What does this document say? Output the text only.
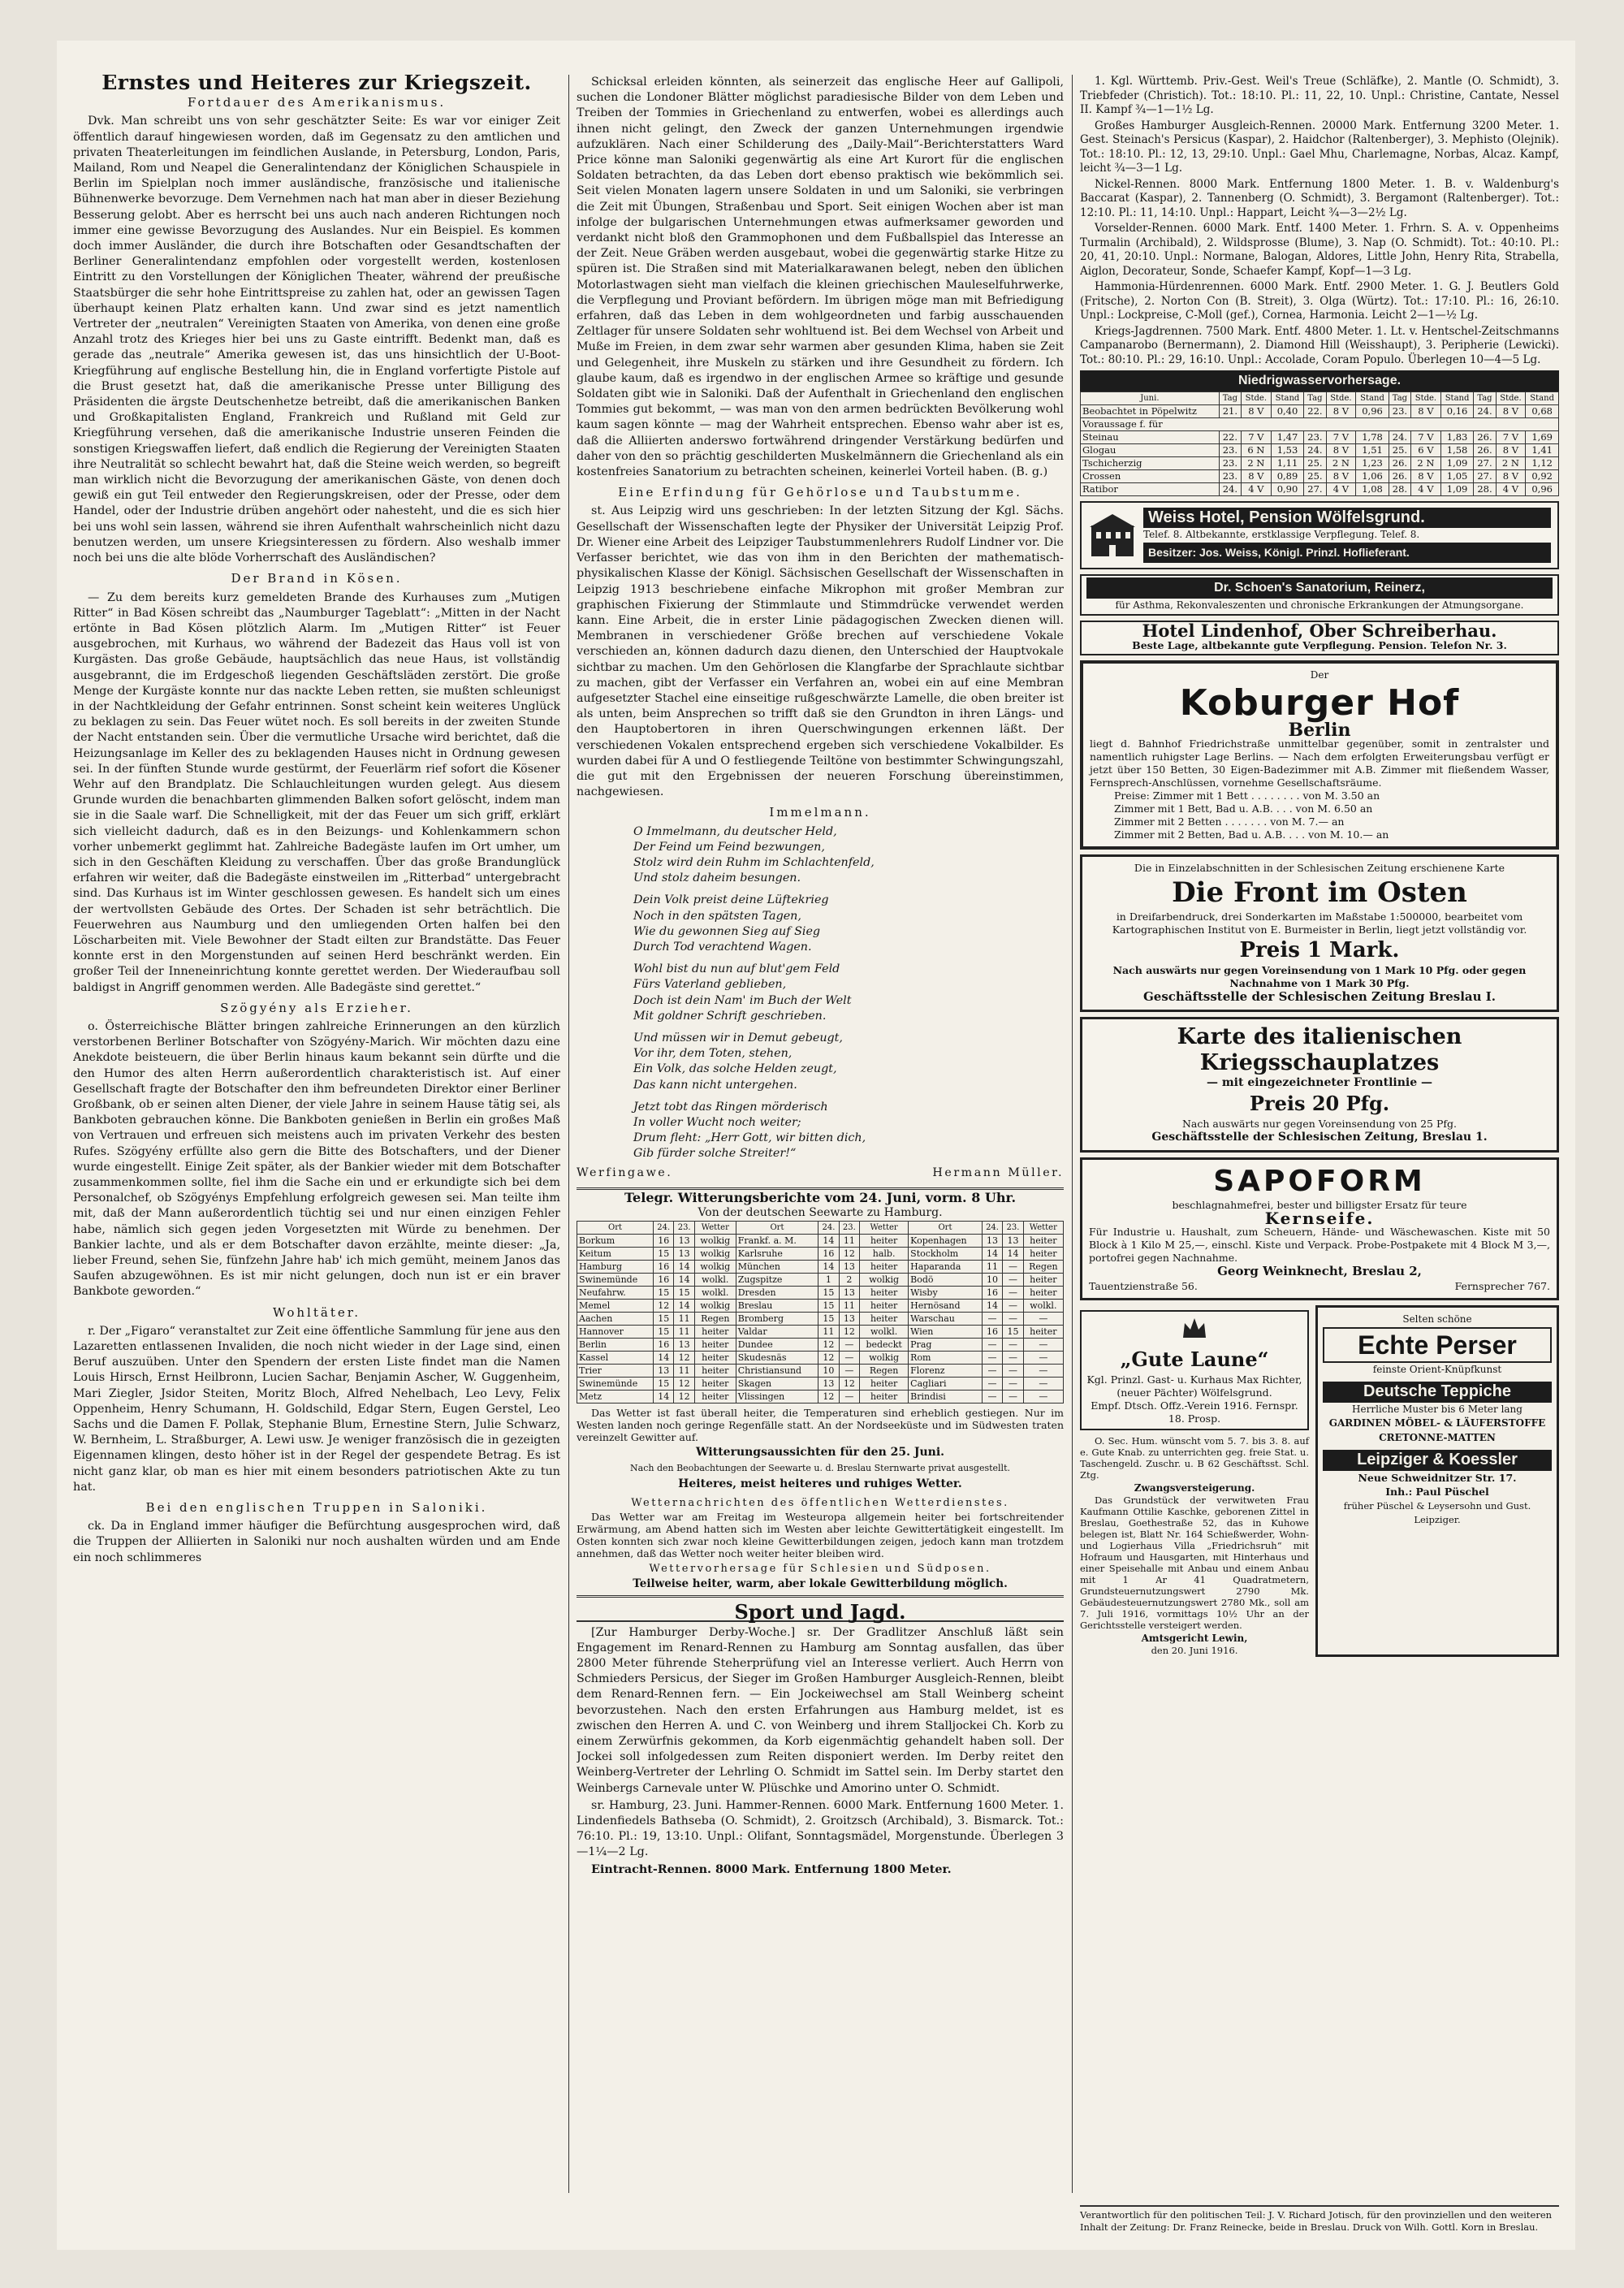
Ernstes und Heiteres zur Kriegszeit.
Fortdauer des Amerikanismus.

Dvk. Man schreibt uns von sehr geschätzter Seite: Es war vor einiger Zeit öffentlich darauf hingewiesen worden, daß im Gegensatz zu den amtlichen und privaten Theaterleitungen im feindlichen Auslande, in Petersburg, London, Paris, Mailand, Rom und Neapel die Generalintendanz der Königlichen Schauspiele in Berlin im Spielplan noch immer ausländische, französische und italienische Bühnenwerke bevorzuge. Dem Vernehmen nach hat man aber in dieser Beziehung Besserung gelobt. Aber es herrscht bei uns auch nach anderen Richtungen noch immer eine gewisse Bevorzugung des Auslandes. Nur ein Beispiel. Es kommen doch immer Ausländer, die durch ihre Botschaften oder Gesandtschaften der Berliner Generalintendanz empfohlen oder vorgestellt werden, kostenlosen Eintritt zu den Vorstellungen der Königlichen Theater, während der preußische Staatsbürger die sehr hohe Eintrittspreise zu zahlen hat, oder an gewissen Tagen überhaupt keinen Platz erhalten kann. Und zwar sind es jetzt namentlich Vertreter der „neutralen“ Vereinigten Staaten von Amerika, von denen eine große Anzahl trotz des Krieges hier bei uns zu Gaste eintrifft. Bedenkt man, daß es gerade das „neutrale“ Amerika gewesen ist, das uns hinsichtlich der U-Boot-Kriegführung auf englische Bestellung hin, die in England vorfertigte Pistole auf die Brust gesetzt hat, daß die amerikanische Presse unter Billigung des Präsidenten die ärgste Deutschenhetze betreibt, daß die amerikanischen Banken und Großkapitalisten England, Frankreich und Rußland mit Geld zur Kriegführung versehen, daß die amerikanische Industrie unseren Feinden die sonstigen Kriegswaffen liefert, daß endlich die Regierung der Vereinigten Staaten ihre Neutralität so schlecht bewahrt hat, daß die Steine weich werden, so begreift man wirklich nicht die Bevorzugung der amerikanischen Gäste, von denen doch gewiß ein gut Teil entweder den Regierungskreisen, oder der Presse, oder dem Handel, oder der Industrie drüben angehört oder nahesteht, und die es sich hier bei uns wohl sein lassen, während sie ihren Aufenthalt wahrscheinlich nicht dazu benutzen werden, um unsere Kriegsinteressen zu fördern. Also weshalb immer noch bei uns die alte blöde Vorherrschaft des Ausländischen?

Der Brand in Kösen.

— Zu dem bereits kurz gemeldeten Brande des Kurhauses zum „Mutigen Ritter“ in Bad Kösen schreibt das „Naumburger Tageblatt“: „Mitten in der Nacht ertönte in Bad Kösen plötzlich Alarm. Im „Mutigen Ritter“ ist Feuer ausgebrochen, mit Kurhaus, wo während der Badezeit das Haus voll ist von Kurgästen. Das große Gebäude, hauptsächlich das neue Haus, ist vollständig ausgebrannt, die im Erdgeschoß liegenden Geschäftsläden zerstört. Die große Menge der Kurgäste konnte nur das nackte Leben retten, sie mußten schleunigst in der Nachtkleidung der Gefahr entrinnen. Sonst scheint kein weiteres Unglück zu beklagen zu sein. Das Feuer wütet noch. Es soll bereits in der zweiten Stunde der Nacht entstanden sein. Über die vermutliche Ursache wird berichtet, daß die Heizungsanlage im Keller des zu beklagenden Hauses nicht in Ordnung gewesen sei. In der fünften Stunde wurde gestürmt, der Feuerlärm rief sofort die Kösener Wehr auf den Brandplatz. Die Schlauchleitungen wurden gelegt. Aus diesem Grunde wurden die benachbarten glimmenden Balken sofort gelöscht, indem man sie in die Saale warf. Die Schnelligkeit, mit der das Feuer um sich griff, erklärt sich vielleicht dadurch, daß es in den Beizungs- und Kohlenkammern schon vorher unbemerkt geglimmt hat. Zahlreiche Badegäste laufen im Ort umher, um sich in den Geschäften Kleidung zu verschaffen. Über das große Brandunglück erfahren wir weiter, daß die Badegäste einstweilen im „Ritterbad“ untergebracht sind. Das Kurhaus ist im Winter geschlossen gewesen. Es handelt sich um eines der wertvollsten Gebäude des Ortes. Der Schaden ist sehr beträchtlich. Die Feuerwehren aus Naumburg und den umliegenden Orten halfen bei den Löscharbeiten mit. Viele Bewohner der Stadt eilten zur Brandstätte. Das Feuer konnte erst in den Morgenstunden auf seinen Herd beschränkt werden. Ein großer Teil der Inneneinrichtung konnte gerettet werden. Der Wiederaufbau soll baldigst in Angriff genommen werden. Alle Badegäste sind gerettet.“

Szögyény als Erzieher.

o. Österreichische Blätter bringen zahlreiche Erinnerungen an den kürzlich verstorbenen Berliner Botschafter von Szögyény-Marich. Wir möchten dazu eine Anekdote beisteuern, die über Berlin hinaus kaum bekannt sein dürfte und die den Humor des alten Herrn außerordentlich charakteristisch ist. Auf einer Gesellschaft fragte der Botschafter den ihm befreundeten Direktor einer Berliner Großbank, ob er seinen alten Diener, der viele Jahre in seinem Hause tätig sei, als Bankboten gebrauchen könne. Die Bankboten genießen in Berlin ein großes Maß von Vertrauen und erfreuen sich meistens auch im privaten Verkehr des besten Rufes. Szögyény erfüllte also gern die Bitte des Botschafters, und der Diener wurde eingestellt. Einige Zeit später, als der Bankier wieder mit dem Botschafter zusammenkommen sollte, fiel ihm die Sache ein und er erkundigte sich bei dem Personalchef, ob Szögyénys Empfehlung erfolgreich gewesen sei. Man teilte ihm mit, daß der Mann außerordentlich tüchtig sei und nur einen einzigen Fehler habe, nämlich sich gegen jeden Vorgesetzten mit Würde zu benehmen. Der Bankier lachte, und als er dem Botschafter davon erzählte, meinte dieser: „Ja, lieber Freund, sehen Sie, fünfzehn Jahre hab' ich mich gemüht, meinem Janos das Saufen abzugewöhnen. Es ist mir nicht gelungen, doch nun ist er ein braver Bankbote geworden.“

Wohltäter.

r. Der „Figaro“ veranstaltet zur Zeit eine öffentliche Sammlung für jene aus den Lazaretten entlassenen Invaliden, die noch nicht wieder in der Lage sind, einen Beruf auszuüben. Unter den Spendern der ersten Liste findet man die Namen Louis Hirsch, Ernst Heilbronn, Lucien Sachar, Benjamin Ascher, W. Guggenheim, Mari Ziegler, Jsidor Steiten, Moritz Bloch, Alfred Nehelbach, Leo Levy, Felix Oppenheim, Henry Schumann, H. Goldschild, Edgar Stern, Eugen Gerstel, Leo Sachs und die Damen F. Pollak, Stephanie Blum, Ernestine Stern, Julie Schwarz, W. Bernheim, L. Straßburger, A. Lewi usw. Je weniger französisch die in gezeigten Eigennamen klingen, desto höher ist in der Regel der gespendete Betrag. Es ist nicht ganz klar, ob man es hier mit einem besonders patriotischen Akte zu tun hat.

Bei den englischen Truppen in Saloniki.

ck. Da in England immer häufiger die Befürchtung ausgesprochen wird, daß die Truppen der Alliierten in Saloniki nur noch aushalten würden und am Ende ein noch schlimmeres

Schicksal erleiden könnten, als seinerzeit das englische Heer auf Gallipoli, suchen die Londoner Blätter möglichst paradiesische Bilder von dem Leben und Treiben der Tommies in Griechenland zu entwerfen, wobei es allerdings auch ihnen nicht gelingt, den Zweck der ganzen Unternehmungen irgendwie aufzuklären. Nach einer Schilderung des „Daily-Mail“-Berichterstatters Ward Price könne man Saloniki gegenwärtig als eine Art Kurort für die englischen Soldaten betrachten, da das Leben dort ebenso praktisch wie bekömmlich sei. Seit vielen Monaten lagern unsere Soldaten in und um Saloniki, sie verbringen die Zeit mit Übungen, Straßenbau und Sport. Seit einigen Wochen aber ist man infolge der bulgarischen Unternehmungen etwas aufmerksamer geworden und verdankt nicht bloß den Grammophonen und dem Fußballspiel das Interesse an der Zeit. Neue Gräben werden ausgebaut, wobei die gegenwärtig starke Hitze zu spüren ist. Die Straßen sind mit Materialkarawanen belegt, neben den üblichen Motorlastwagen sieht man vielfach die kleinen griechischen Mauleselfuhrwerke, die Verpflegung und Proviant befördern. Im übrigen möge man mit Befriedigung erfahren, daß das Leben in dem wohlgeordneten und farbig ausschauenden Zeltlager für unsere Soldaten sehr wohltuend ist. Bei dem Wechsel von Arbeit und Muße im Freien, in dem zwar sehr warmen aber gesunden Klima, haben sie Zeit und Gelegenheit, ihre Muskeln zu stärken und ihre Gesundheit zu fördern. Ich glaube kaum, daß es irgendwo in der englischen Armee so kräftige und gesunde Soldaten gibt wie in Saloniki. Daß der Aufenthalt in Griechenland den englischen Tommies gut bekommt, — was man von den armen bedrückten Bevölkerung wohl kaum sagen könnte — mag der Wahrheit entsprechen. Ebenso wahr aber ist es, daß die Alliierten anderswo fortwährend dringender Verstärkung bedürfen und daher von den so prächtig geschilderten Muskelmännern die Griechenland als ein kostenfreies Sanatorium zu betrachten scheinen, keinerlei Vorteil haben. (B. g.)

Eine Erfindung für Gehörlose und Taubstumme.

st. Aus Leipzig wird uns geschrieben: In der letzten Sitzung der Kgl. Sächs. Gesellschaft der Wissenschaften legte der Physiker der Universität Leipzig Prof. Dr. Wiener eine Arbeit des Leipziger Taubstummenlehrers Rudolf Lindner vor. Die Verfasser berichtet, wie das von ihm in den Berichten der mathematisch-physikalischen Klasse der Königl. Sächsischen Gesellschaft der Wissenschaften in Leipzig 1913 beschriebene einfache Mikrophon mit großer Membran zur graphischen Fixierung der Stimmlaute und Stimmdrücke verwendet werden kann. Eine Arbeit, die in erster Linie pädagogischen Zwecken dienen will. Membranen in verschiedener Größe brechen auf verschiedene Vokale verschieden an, können dadurch dazu dienen, den Unterschied der Hauptvokale sichtbar zu machen. Um den Gehörlosen die Klangfarbe der Sprachlaute sichtbar zu machen, gibt der Verfasser ein Verfahren an, wobei ein auf eine Membran aufgesetzter Stachel eine einseitige rußgeschwärzte Lamelle, die oben breiter ist als unten, beim Ansprechen so trifft daß sie den Grundton in ihren Längs- und den Hauptobertoren in ihren Querschwingungen erkennen läßt. Der verschiedenen Vokalen entsprechend ergeben sich verschiedene Vokalbilder. Es wurden dabei für A und O festliegende Teiltöne von bestimmter Schwingungszahl, die gut mit den Ergebnissen der neueren Forschung übereinstimmen, nachgewiesen.

Immelmann.
O Immelmann, du deutscher Held,
Der Feind um Feind bezwungen,
Stolz wird dein Ruhm im Schlachtenfeld,
Und stolz daheim besungen.
Dein Volk preist deine Lüftekrieg
Noch in den spätsten Tagen,
Wie du gewonnen Sieg auf Sieg
Durch Tod verachtend Wagen.
Wohl bist du nun auf blut'gem Feld
Fürs Vaterland geblieben,
Doch ist dein Nam' im Buch der Welt
Mit goldner Schrift geschrieben.
Und müssen wir in Demut gebeugt,
Vor ihr, dem Toten, stehen,
Ein Volk, das solche Helden zeugt,
Das kann nicht untergehen.
Jetzt tobt das Ringen mörderisch
In voller Wucht noch weiter;
Drum fleht: „Herr Gott, wir bitten dich,
Gib fürder solche Streiter!“
Werfingawe.	Hermann Müller.
Telegr. Witterungsberichte vom 24. Juni, vorm. 8 Uhr.
Von der deutschen Seewarte zu Hamburg.
Ort	24.	23.	Wetter	Ort	24.	23.	Wetter	Ort	24.	23.	Wetter
Borkum	16	13	wolkig	Frankf. a. M.	14	11	heiter	Kopenhagen	13	13	heiter
Keitum	15	13	wolkig	Karlsruhe	16	12	halb.	Stockholm	14	14	heiter
Hamburg	16	14	wolkig	München	14	13	heiter	Haparanda	11	—	Regen
Swinemünde	16	14	wolkl.	Zugspitze	1	2	wolkig	Bodö	10	—	heiter
Neufahrw.	15	15	wolkl.	Dresden	15	13	heiter	Wisby	16	—	heiter
Memel	12	14	wolkig	Breslau	15	11	heiter	Hernösand	14	—	wolkl.
Aachen	15	11	Regen	Bromberg	15	13	heiter	Warschau	—	—	—
Hannover	15	11	heiter	Valdar	11	12	wolkl.	Wien	16	15	heiter
Berlin	16	13	heiter	Dundee	12	—	bedeckt	Prag	—	—	—
Kassel	14	12	heiter	Skudesnäs	12	—	wolkig	Rom	—	—	—
Trier	13	11	heiter	Christiansund	10	—	Regen	Florenz	—	—	—
Swinemünde	15	12	heiter	Skagen	13	12	heiter	Cagliari	—	—	—
Metz	14	12	heiter	Vlissingen	12	—	heiter	Brindisi	—	—	—

Das Wetter ist fast überall heiter, die Temperaturen sind erheblich gestiegen. Nur im Westen landen noch geringe Regenfälle statt. An der Nordseeküste und im Südwesten traten vereinzelt Gewitter auf.

Witterungsaussichten für den 25. Juni.
Nach den Beobachtungen der Seewarte u. d. Breslau Sternwarte privat ausgestellt.
Heiteres, meist heiteres und ruhiges Wetter.
Wetternachrichten des öffentlichen Wetterdienstes.

Das Wetter war am Freitag im Westeuropa allgemein heiter bei fortschreitender Erwärmung, am Abend hatten sich im Westen aber leichte Gewittertätigkeit eingestellt. Im Osten konnten sich zwar noch kleine Gewitterbildungen zeigen, jedoch kann man trotzdem annehmen, daß das Wetter noch weiter heiter bleiben wird.

Wettervorhersage für Schlesien und Südposen.
Teilweise heiter, warm, aber lokale Gewitterbildung möglich.
Sport und Jagd.

[Zur Hamburger Derby-Woche.] sr. Der Gradlitzer Anschluß läßt sein Engagement im Renard-Rennen zu Hamburg am Sonntag ausfallen, das über 2800 Meter führende Steherprüfung viel an Interesse verliert. Auch Herrn von Schmieders Persicus, der Sieger im Großen Hamburger Ausgleich-Rennen, bleibt dem Renard-Rennen fern. — Ein Jockeiwechsel am Stall Weinberg scheint bevorzustehen. Nach den ersten Erfahrungen aus Hamburg meldet, ist es zwischen den Herren A. und C. von Weinberg und ihrem Stalljockei Ch. Korb zu einem Zerwürfnis gekommen, da Korb eigenmächtig gehandelt haben soll. Der Jockei soll infolgedessen zum Reiten disponiert werden. Im Derby reitet den Weinberg-Vertreter der Lehrling O. Schmidt im Sattel sein. Im Derby startet den Weinbergs Carnevale unter W. Plüschke und Amorino unter O. Schmidt.

sr. Hamburg, 23. Juni. Hammer-Rennen. 6000 Mark. Entfernung 1600 Meter. 1. Lindenfiedels Bathseba (O. Schmidt), 2. Groitzsch (Archibald), 3. Bismarck. Tot.: 76:10. Pl.: 19, 13:10. Unpl.: Olifant, Sonntagsmädel, Morgenstunde. Überlegen 3—1¼—2 Lg.

Eintracht-Rennen. 8000 Mark. Entfernung 1800 Meter.

1. Kgl. Württemb. Priv.-Gest. Weil's Treue (Schläfke), 2. Mantle (O. Schmidt), 3. Triebfeder (Christich). Tot.: 18:10. Pl.: 11, 22, 10. Unpl.: Christine, Cantate, Nessel II. Kampf ¾—1—1½ Lg.

Großes Hamburger Ausgleich-Rennen. 20000 Mark. Entfernung 3200 Meter. 1. Gest. Steinach's Persicus (Kaspar), 2. Haidchor (Raltenberger), 3. Mephisto (Olejnik). Tot.: 18:10. Pl.: 12, 13, 29:10. Unpl.: Gael Mhu, Charlemagne, Norbas, Alcaz. Kampf, leicht ¾—3—1 Lg.

Nickel-Rennen. 8000 Mark. Entfernung 1800 Meter. 1. B. v. Waldenburg's Baccarat (Kaspar), 2. Tannenberg (O. Schmidt), 3. Bergamont (Raltenberger). Tot.: 12:10. Pl.: 11, 14:10. Unpl.: Happart, Leicht ¾—3—2½ Lg.

Vorselder-Rennen. 6000 Mark. Entf. 1400 Meter. 1. Frhrn. S. A. v. Oppenheims Turmalin (Archibald), 2. Wildsprosse (Blume), 3. Nap (O. Schmidt). Tot.: 40:10. Pl.: 20, 41, 20:10. Unpl.: Normane, Balogan, Aldores, Little John, Henry Rita, Strabella, Aiglon, Decorateur, Sonde, Schaefer Kampf, Kopf—1—3 Lg.

Hammonia-Hürdenrennen. 6000 Mark. Entf. 2900 Meter. 1. G. J. Beutlers Gold (Fritsche), 2. Norton Con (B. Streit), 3. Olga (Würtz). Tot.: 17:10. Pl.: 16, 26:10. Unpl.: Lockpreise, C-Moll (gef.), Cornea, Harmonia. Leicht 2—1—½ Lg.

Kriegs-Jagdrennen. 7500 Mark. Entf. 4800 Meter. 1. Lt. v. Hentschel-Zeitschmanns Campanarobo (Bernermann), 2. Diamond Hill (Weisshaupt), 3. Peripherie (Lewicki). Tot.: 80:10. Pl.: 29, 16:10. Unpl.: Accolade, Coram Populo. Überlegen 10—4—5 Lg.

Niedrigwasservorhersage.
Juni.	Tag	Stde.	Stand	Tag	Stde.	Stand	Tag	Stde.	Stand	Tag	Stde.	Stand
Beobachtet in Pöpelwitz	21.	8 V	0,40	22.	8 V	0,96	23.	8 V	0,16	24.	8 V	0,68
Voraussage f. für												
Steinau	22.	7 V	1,47	23.	7 V	1,78	24.	7 V	1,83	26.	7 V	1,69
Glogau	23.	6 N	1,53	24.	8 V	1,51	25.	6 V	1,58	26.	8 V	1,41
Tschicherzig	23.	2 N	1,11	25.	2 N	1,23	26.	2 N	1,09	27.	2 N	1,12
Crossen	23.	8 V	0,89	25.	8 V	1,06	26.	8 V	1,05	27.	8 V	0,92
Ratibor	24.	4 V	0,90	27.	4 V	1,08	28.	4 V	1,09	28.	4 V	0,96
Weiss Hotel, Pension Wölfelsgrund.
Telef. 8. Altbekannte, erstklassige Verpflegung. Telef. 8.
Besitzer: Jos. Weiss, Königl. Prinzl. Hoflieferant.
Dr. Schoen's Sanatorium, Reinerz,
für Asthma, Rekonvaleszenten und chronische Erkrankungen der Atmungsorgane.
Hotel Lindenhof, Ober Schreiberhau.
Beste Lage, altbekannte gute Verpflegung. Pension. Telefon Nr. 3.
Der
Koburger Hof
Berlin
liegt d. Bahnhof Friedrichstraße unmittelbar gegenüber, somit in zentralster und namentlich ruhigster Lage Berlins. — Nach dem erfolgten Erweiterungsbau verfügt er jetzt über 150 Betten, 30 Eigen-Badezimmer mit A.B. Zimmer mit fließendem Wasser, Fernsprech-Anschlüssen, vornehme Gesellschaftsräume.
Preise: Zimmer mit 1 Bett . . . . . . . . von M. 3.50 an
Zimmer mit 1 Bett, Bad u. A.B. . . . von M. 6.50 an
Zimmer mit 2 Betten . . . . . . . von M. 7.— an
Zimmer mit 2 Betten, Bad u. A.B. . . . von M. 10.— an
Die in Einzelabschnitten in der Schlesischen Zeitung erschienene Karte
Die Front im Osten
in Dreifarbendruck, drei Sonderkarten im Maßstabe 1:500000, bearbeitet vom Kartographischen Institut von E. Burmeister in Berlin, liegt jetzt vollständig vor.
Preis 1 Mark.
Nach auswärts nur gegen Voreinsendung von 1 Mark 10 Pfg. oder gegen Nachnahme von 1 Mark 30 Pfg.
Geschäftsstelle der Schlesischen Zeitung Breslau I.
Karte des italienischen Kriegsschauplatzes
— mit eingezeichneter Frontlinie —
Preis 20 Pfg.
Nach auswärts nur gegen Voreinsendung von 25 Pfg.
Geschäftsstelle der Schlesischen Zeitung, Breslau 1.
SAPOFORM
beschlagnahmefrei, bester und billigster Ersatz für teure
Kernseife.
Für Industrie u. Haushalt, zum Scheuern, Hände- und Wäschewaschen. Kiste mit 50 Block à 1 Kilo M 25,—, einschl. Kiste und Verpack. Probe-Postpakete mit 4 Block M 3,—, portofrei gegen Nachnahme.
Georg Weinknecht, Breslau 2,
Tauentzienstraße 56.	Fernsprecher 767.
„Gute Laune“
Kgl. Prinzl. Gast- u. Kurhaus Max Richter, (neuer Pächter) Wölfelsgrund.
Empf. Dtsch. Offz.-Verein 1916. Fernspr. 18. Prosp.

O. Sec. Hum. wünscht vom 5. 7. bis 3. 8. auf e. Gute Knab. zu unterrichten geg. freie Stat. u. Taschengeld. Zuschr. u. B 62 Geschäftsst. Schl. Ztg.

Zwangsversteigerung.

Das Grundstück der verwitweten Frau Kaufmann Ottilie Kaschke, geborenen Zittel in Breslau, Goethestraße 52, das in Kuhowe belegen ist, Blatt Nr. 164 Schießwerder, Wohn- und Logierhaus Villa „Friedrichsruh“ mit Hofraum und Hausgarten, mit Hinterhaus und einer Speisehalle mit Anbau und einem Anbau mit 1 Ar 41 Quadratmetern, Grundsteuernutzungswert 2790 Mk. Gebäudesteuernutzungswert 2780 Mk., soll am 7. Juli 1916, vormittags 10½ Uhr an der Gerichtsstelle versteigert werden.

Amtsgericht Lewin,
den 20. Juni 1916.
Selten schöne
Echte Perser
feinste Orient-Knüpfkunst
Deutsche Teppiche
Herrliche Muster bis 6 Meter lang
GARDINEN MÖBEL- & LÄUFERSTOFFE CRETONNE-MATTEN
Leipziger & Koessler
Neue Schweidnitzer Str. 17.
Inh.: Paul Püschel
früher Püschel & Leysersohn und Gust. Leipziger.
Verantwortlich für den politischen Teil: J. V. Richard Jotisch, für den provinziellen und den weiteren Inhalt der Zeitung: Dr. Franz Reinecke, beide in Breslau. Druck von Wilh. Gottl. Korn in Breslau.
